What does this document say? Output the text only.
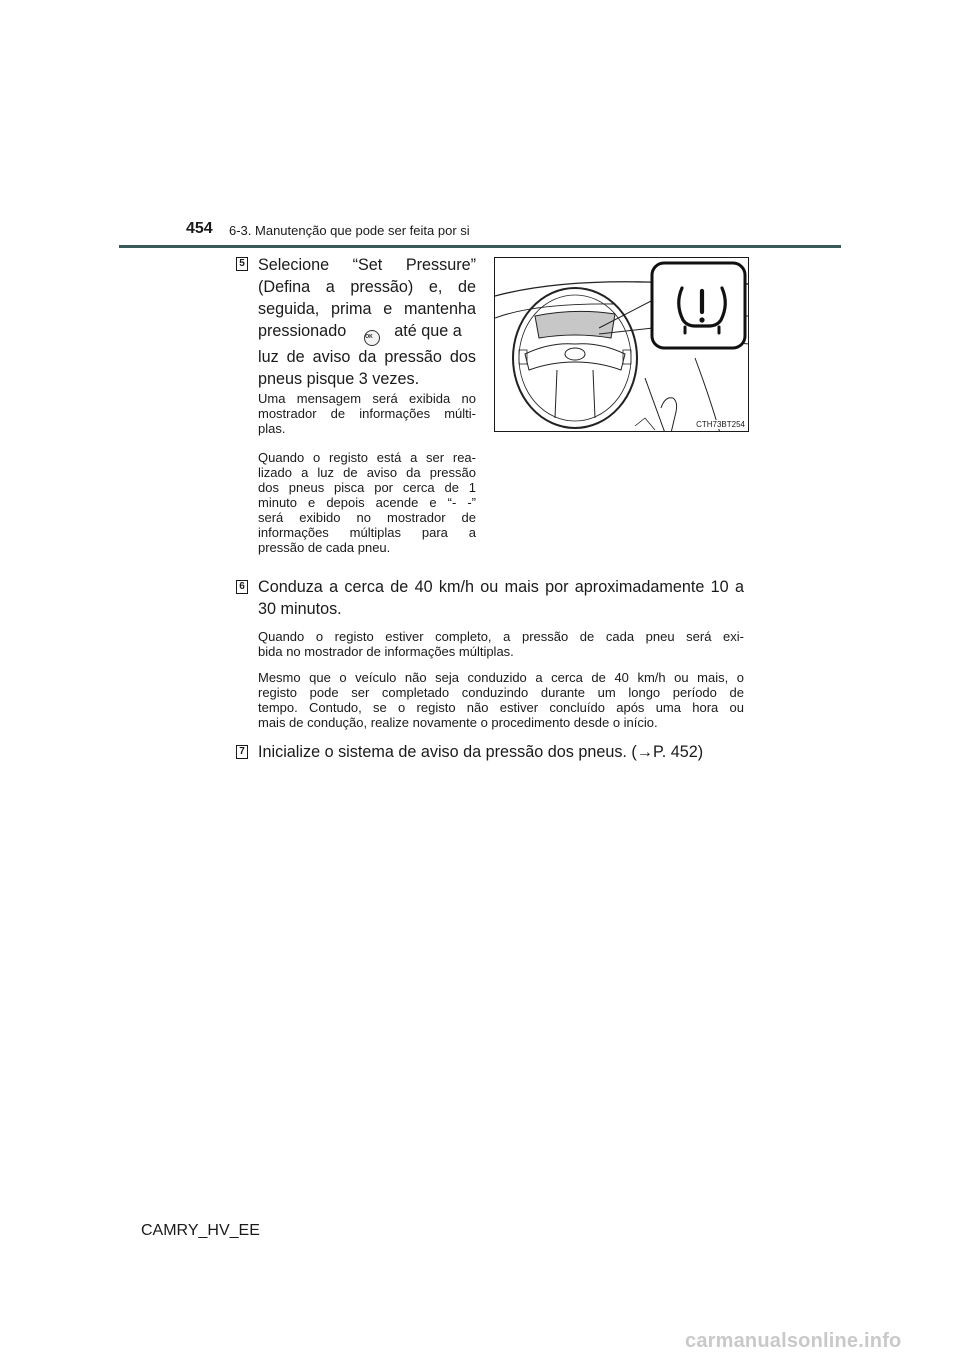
454 6-3. Manutenção que pode ser feita por si
5 Selecione “Set Pressure”
(Defina a pressão) e, de
seguida, prima e mantenha
pressionado	OK até que a
luz de aviso da pressão dos
pneus pisque 3 vezes.
Uma mensagem será exibida no
mostrador de informações múlti-
plas.
Quando o registo está a ser rea-
lizado a luz de aviso da pressão
dos pneus pisca por cerca de 1
minuto e depois acende e “- -”
será exibido no mostrador de
informações múltiplas para a
pressão de cada pneu.
CTH73BT254
6 Conduza a cerca de 40 km/h ou mais por aproximadamente 10 a
30 minutos.
Quando o registo estiver completo, a pressão de cada pneu será exi-
bida no mostrador de informações múltiplas.
Mesmo que o veículo não seja conduzido a cerca de 40 km/h ou mais, o
registo pode ser completado conduzindo durante um longo período de
tempo. Contudo, se o registo não estiver concluído após uma hora ou
mais de condução, realize novamente o procedimento desde o início.
7 Inicialize o sistema de aviso da pressão dos pneus. (→P. 452)
CAMRY_HV_EE
carmanualsonline.info
